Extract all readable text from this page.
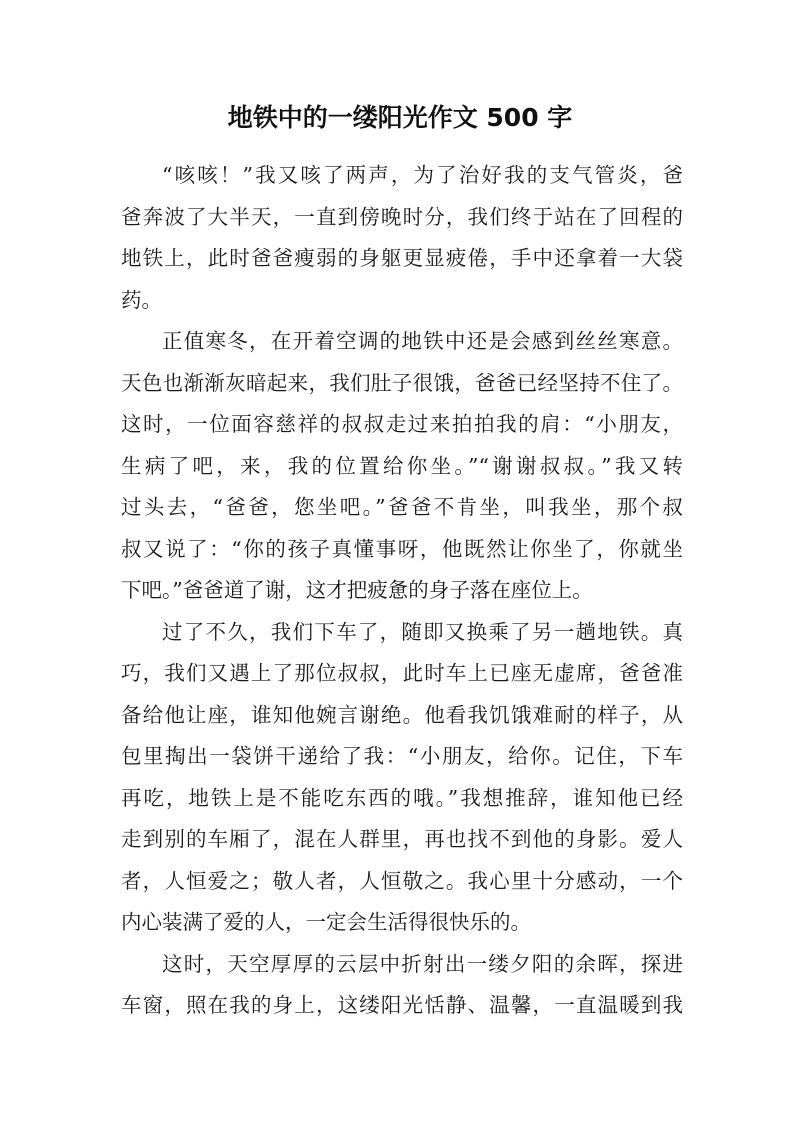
地铁中的一缕阳光作文 500 字

“咳咳！”我又咳了两声，为了治好我的支气管炎，爸
爸奔波了大半天，一直到傍晚时分，我们终于站在了回程的
地铁上，此时爸爸瘦弱的身躯更显疲倦，手中还拿着一大袋
药。

正值寒冬，在开着空调的地铁中还是会感到丝丝寒意。
天色也渐渐灰暗起来，我们肚子很饿，爸爸已经坚持不住了。
这时，一位面容慈祥的叔叔走过来拍拍我的肩：“小朋友，
生病了吧，来，我的位置给你坐。”“谢谢叔叔。”我又转
过头去，“爸爸，您坐吧。”爸爸不肯坐，叫我坐，那个叔
叔又说了：“你的孩子真懂事呀，他既然让你坐了，你就坐
下吧。”爸爸道了谢，这才把疲惫的身子落在座位上。

过了不久，我们下车了，随即又换乘了另一趟地铁。真
巧，我们又遇上了那位叔叔，此时车上已座无虚席，爸爸准
备给他让座，谁知他婉言谢绝。他看我饥饿难耐的样子，从
包里掏出一袋饼干递给了我：“小朋友，给你。记住，下车
再吃，地铁上是不能吃东西的哦。”我想推辞，谁知他已经
走到别的车厢了，混在人群里，再也找不到他的身影。爱人
者，人恒爱之；敬人者，人恒敬之。我心里十分感动，一个
内心装满了爱的人，一定会生活得很快乐的。

这时，天空厚厚的云层中折射出一缕夕阳的余晖，探进
车窗，照在我的身上，这缕阳光恬静、温馨，一直温暖到我
